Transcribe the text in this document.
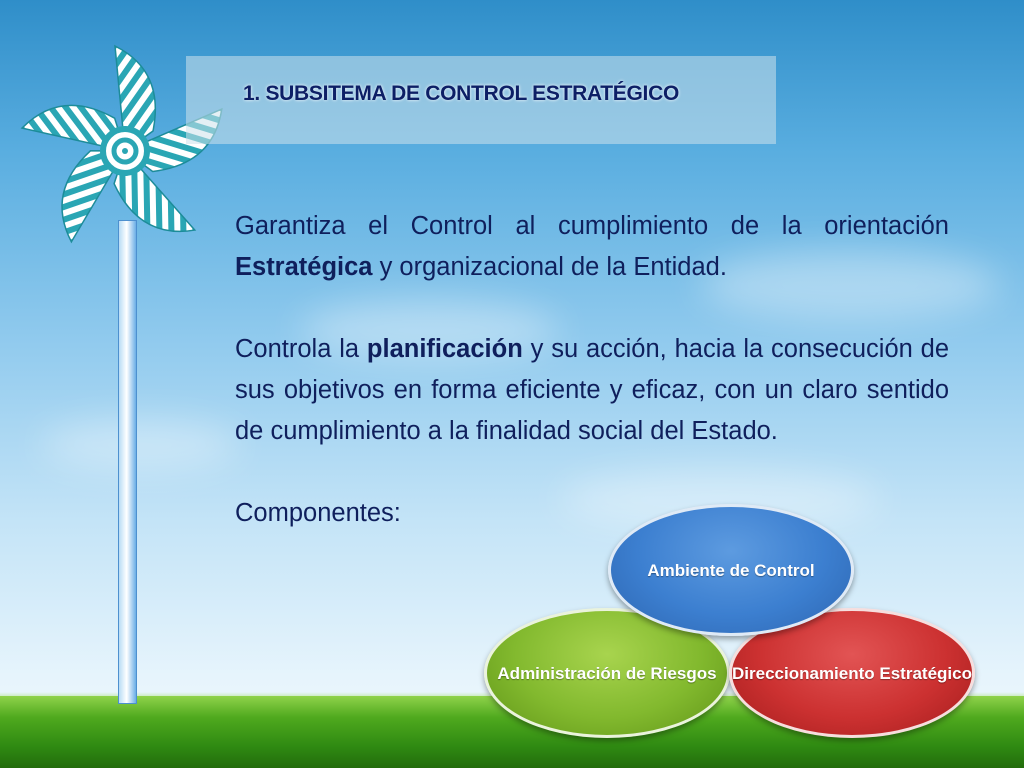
1. SUBSITEMA DE CONTROL ESTRATÉGICO

Garantiza el Control al cumplimiento de la orientación Estratégica y organizacional de la Entidad.

Controla la planificación y su acción, hacia la consecución de sus objetivos en forma eficiente y eficaz, con un claro sentido de cumplimiento a la finalidad social del Estado.

Componentes:

Administración de Riesgos Direccionamiento Estratégico
Ambiente de Control
